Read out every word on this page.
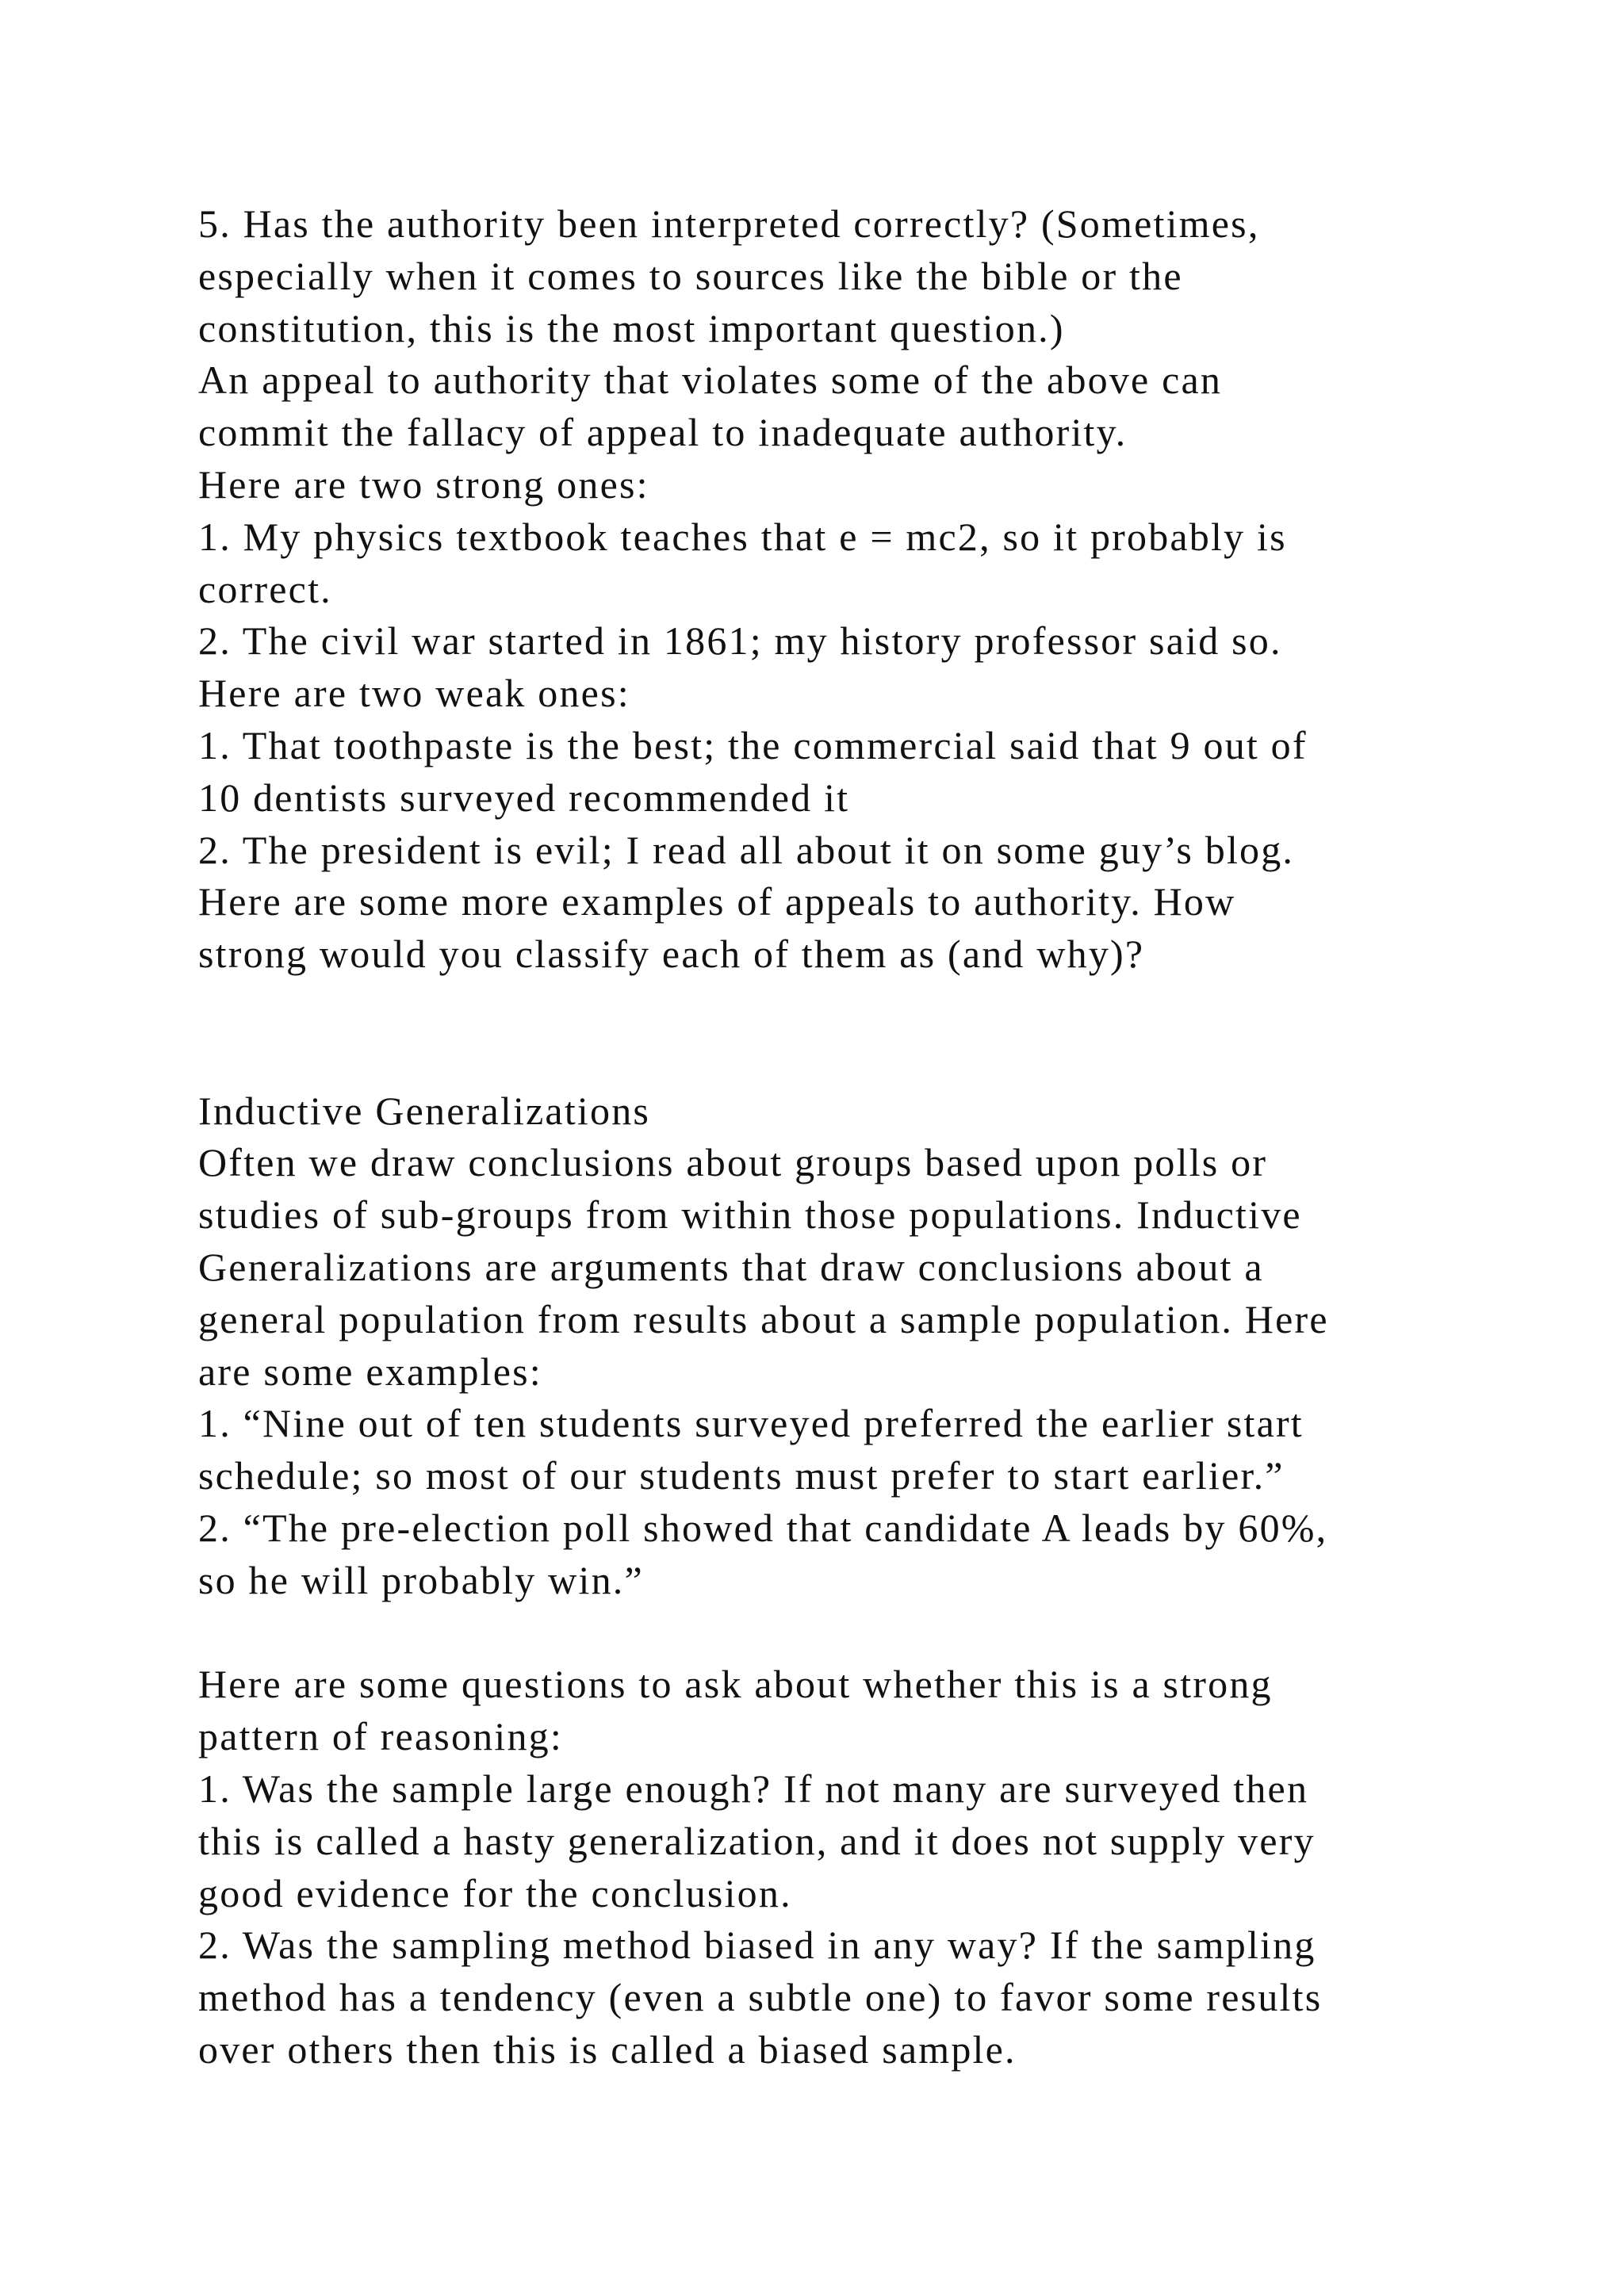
5. Has the authority been interpreted correctly? (Sometimes,
especially when it comes to sources like the bible or the
constitution, this is the most important question.)
An appeal to authority that violates some of the above can
commit the fallacy of appeal to inadequate authority.
Here are two strong ones:
1. My physics textbook teaches that e = mc2, so it probably is
correct.
2. The civil war started in 1861; my history professor said so.
Here are two weak ones:
1. That toothpaste is the best; the commercial said that 9 out of
10 dentists surveyed recommended it
2. The president is evil; I read all about it on some guy’s blog.
Here are some more examples of appeals to authority. How
strong would you classify each of them as (and why)?
Inductive Generalizations
Often we draw conclusions about groups based upon polls or
studies of sub-groups from within those populations. Inductive
Generalizations are arguments that draw conclusions about a
general population from results about a sample population. Here
are some examples:
1. “Nine out of ten students surveyed preferred the earlier start
schedule; so most of our students must prefer to start earlier.”
2. “The pre-election poll showed that candidate A leads by 60%,
so he will probably win.”
Here are some questions to ask about whether this is a strong
pattern of reasoning:
1. Was the sample large enough? If not many are surveyed then
this is called a hasty generalization, and it does not supply very
good evidence for the conclusion.
2. Was the sampling method biased in any way? If the sampling
method has a tendency (even a subtle one) to favor some results
over others then this is called a biased sample.
